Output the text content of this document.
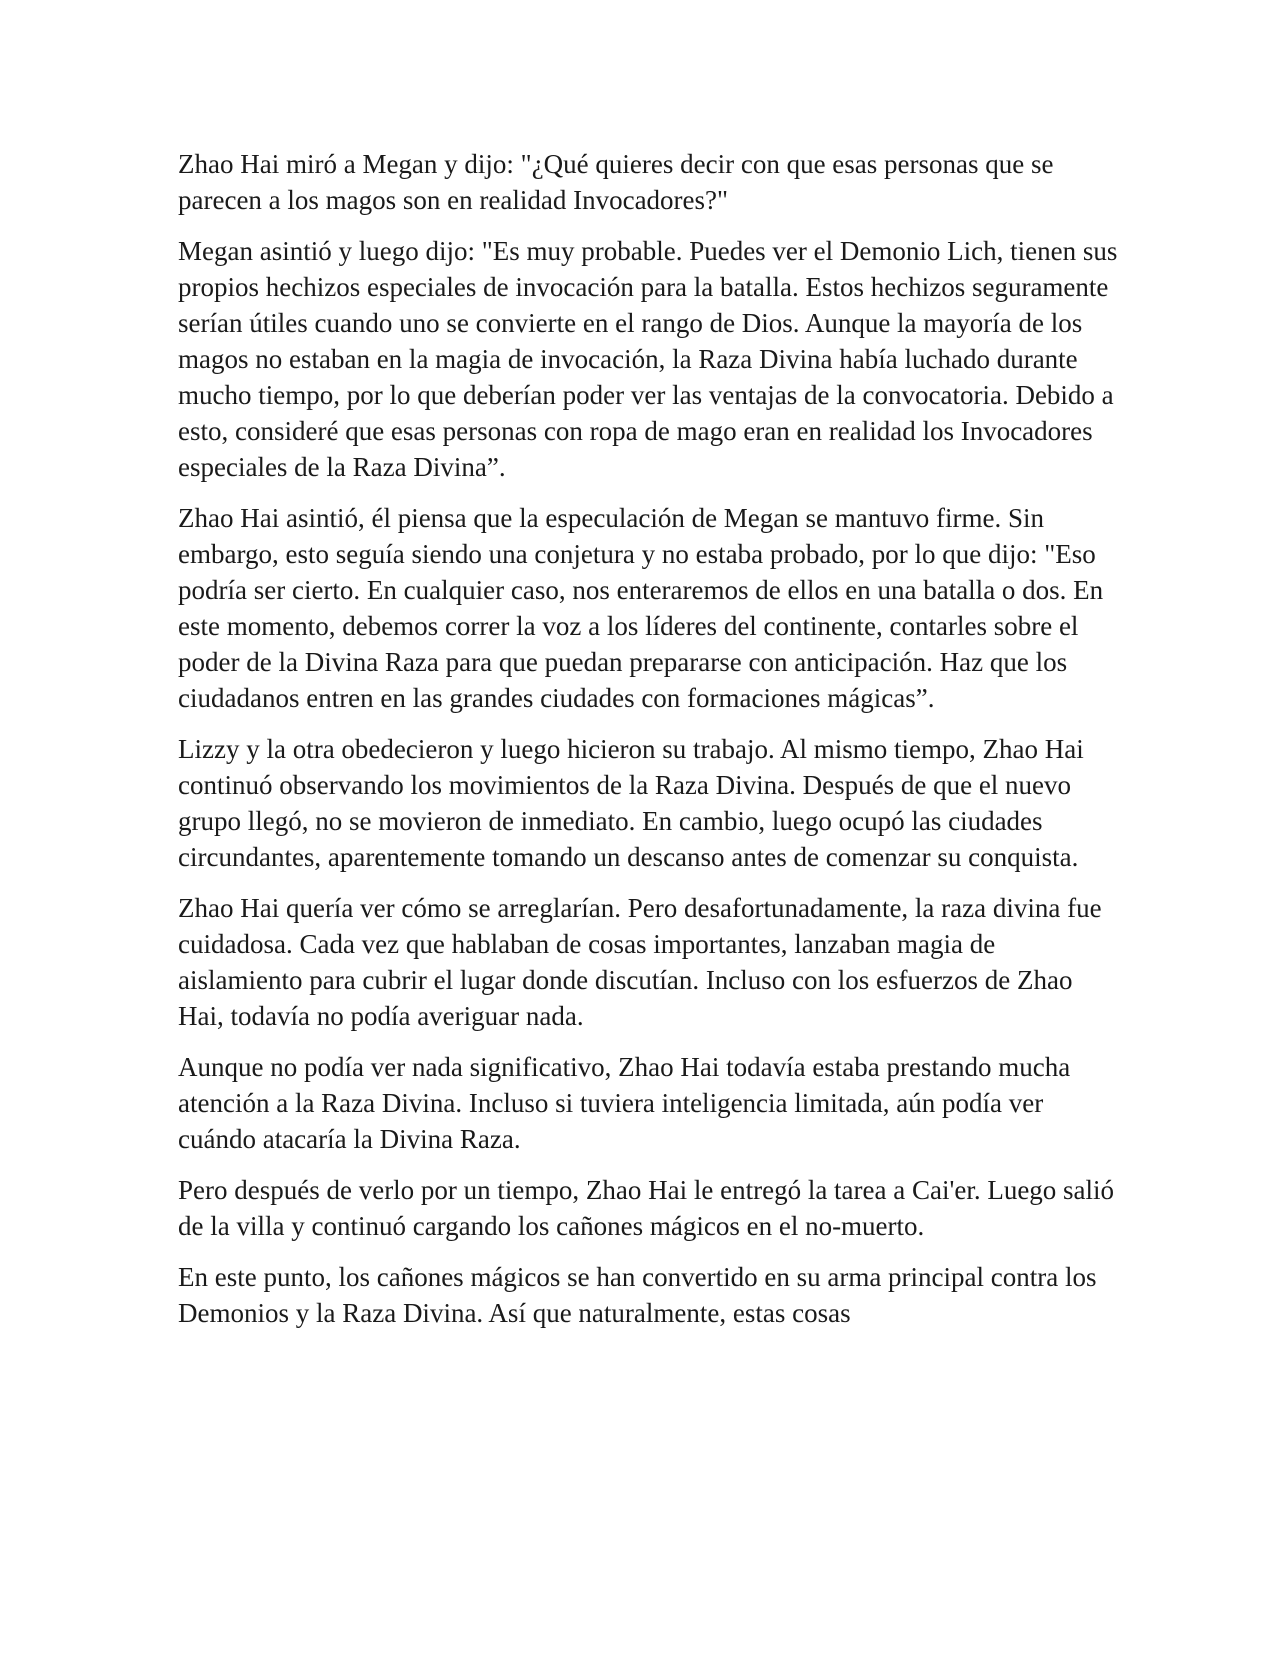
Zhao Hai miró a Megan y dijo: "¿Qué quieres decir con que esas personas que se parecen a los magos son en realidad Invocadores?"

Megan asintió y luego dijo: "Es muy probable. Puedes ver el Demonio Lich, tienen sus propios hechizos especiales de invocación para la batalla. Estos hechizos seguramente serían útiles cuando uno se convierte en el rango de Dios. Aunque la mayoría de los magos no estaban en la magia de invocación, la Raza Divina había luchado durante mucho tiempo, por lo que deberían poder ver las ventajas de la convocatoria. Debido a esto, consideré que esas personas con ropa de mago eran en realidad los Invocadores especiales de la Raza Divina”.

Zhao Hai asintió, él piensa que la especulación de Megan se mantuvo firme. Sin embargo, esto seguía siendo una conjetura y no estaba probado, por lo que dijo: "Eso podría ser cierto. En cualquier caso, nos enteraremos de ellos en una batalla o dos. En este momento, debemos correr la voz a los líderes del continente, contarles sobre el poder de la Divina Raza para que puedan prepararse con anticipación. Haz que los ciudadanos entren en las grandes ciudades con formaciones mágicas”.

Lizzy y la otra obedecieron y luego hicieron su trabajo. Al mismo tiempo, Zhao Hai continuó observando los movimientos de la Raza Divina. Después de que el nuevo grupo llegó, no se movieron de inmediato. En cambio, luego ocupó las ciudades circundantes, aparentemente tomando un descanso antes de comenzar su conquista.

Zhao Hai quería ver cómo se arreglarían. Pero desafortunadamente, la raza divina fue cuidadosa. Cada vez que hablaban de cosas importantes, lanzaban magia de aislamiento para cubrir el lugar donde discutían. Incluso con los esfuerzos de Zhao Hai, todavía no podía averiguar nada.

Aunque no podía ver nada significativo, Zhao Hai todavía estaba prestando mucha atención a la Raza Divina. Incluso si tuviera inteligencia limitada, aún podía ver cuándo atacaría la Divina Raza.

Pero después de verlo por un tiempo, Zhao Hai le entregó la tarea a Cai'er. Luego salió de la villa y continuó cargando los cañones mágicos en el no-muerto.

En este punto, los cañones mágicos se han convertido en su arma principal contra los Demonios y la Raza Divina. Así que naturalmente, estas cosas
